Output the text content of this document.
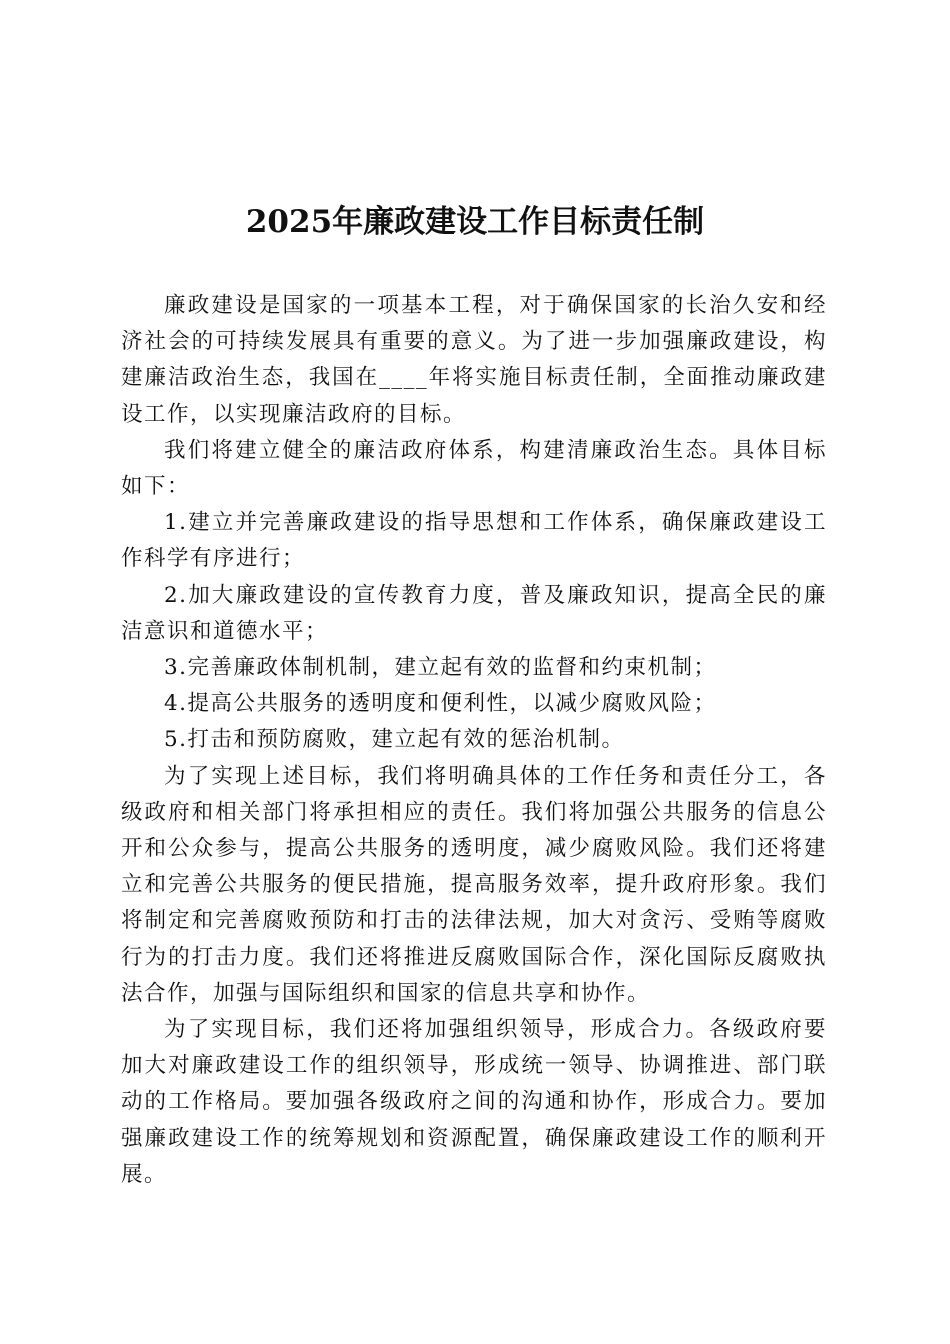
2025年廉政建设工作目标责任制

廉政建设是国家的一项基本工程，对于确保国家的长治久安和经济社会的可持续发展具有重要的意义。为了进一步加强廉政建设，构建廉洁政治生态，我国在____年将实施目标责任制，全面推动廉政建设工作，以实现廉洁政府的目标。

我们将建立健全的廉洁政府体系，构建清廉政治生态。具体目标如下：

1.建立并完善廉政建设的指导思想和工作体系，确保廉政建设工作科学有序进行；

2.加大廉政建设的宣传教育力度，普及廉政知识，提高全民的廉洁意识和道德水平；

3.完善廉政体制机制，建立起有效的监督和约束机制；

4.提高公共服务的透明度和便利性，以减少腐败风险；

5.打击和预防腐败，建立起有效的惩治机制。

为了实现上述目标，我们将明确具体的工作任务和责任分工，各级政府和相关部门将承担相应的责任。我们将加强公共服务的信息公开和公众参与，提高公共服务的透明度，减少腐败风险。我们还将建立和完善公共服务的便民措施，提高服务效率，提升政府形象。我们将制定和完善腐败预防和打击的法律法规，加大对贪污、受贿等腐败行为的打击力度。我们还将推进反腐败国际合作，深化国际反腐败执法合作，加强与国际组织和国家的信息共享和协作。

为了实现目标，我们还将加强组织领导，形成合力。各级政府要加大对廉政建设工作的组织领导，形成统一领导、协调推进、部门联动的工作格局。要加强各级政府之间的沟通和协作，形成合力。要加强廉政建设工作的统筹规划和资源配置，确保廉政建设工作的顺利开展。
